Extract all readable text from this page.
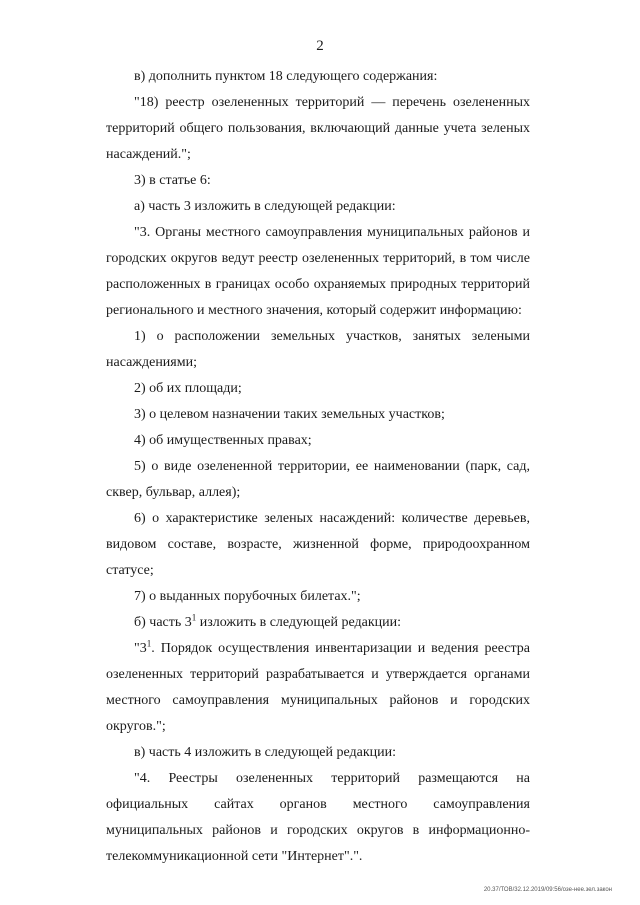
2

в) дополнить пунктом 18 следующего содержания:

"18) реестр озелененных территорий — перечень озелененных территорий общего пользования, включающий данные учета зеленых насаждений.";

3) в статье 6:

а) часть 3 изложить в следующей редакции:

"3. Органы местного самоуправления муниципальных районов и городских округов ведут реестр озелененных территорий, в том числе расположенных в границах особо охраняемых природных территорий регионального и местного значения, который содержит информацию:

1) о расположении земельных участков, занятых зелеными насаждениями;

2) об их площади;

3) о целевом назначении таких земельных участков;

4) об имущественных правах;

5) о виде озелененной территории, ее наименовании (парк, сад, сквер, бульвар, аллея);

6) о характеристике зеленых насаждений: количестве деревьев, видовом составе, возрасте, жизненной форме, природоохранном статусе;

7) о выданных порубочных билетах.";

б) часть $3^1$ изложить в следующей редакции:

"$3^1$. Порядок осуществления инвентаризации и ведения реестра озелененных территорий разрабатывается и утверждается органами местного самоуправления муниципальных районов и городских округов.";

в) часть 4 изложить в следующей редакции:

"4. Реестры озелененных территорий размещаются на официальных сайтах органов местного самоуправления муниципальных районов и городских округов в информационно-телекоммуникационной сети "Интернет".".

20.37/ТОВ/32.12.2019/09:56/озе-нее.зел.закон
